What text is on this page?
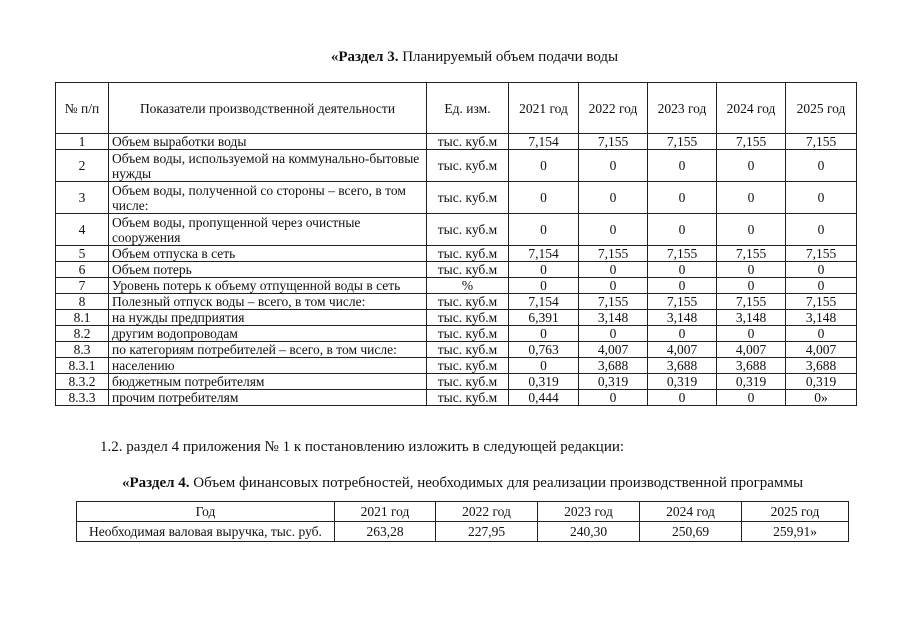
«Раздел 3. Планируемый объем подачи воды
№ п/п	Показатели производственной деятельности	Ед. изм.	2021 год	2022 год	2023 год	2024 год	2025 год
1	Объем выработки воды	тыс. куб.м	7,154	7,155	7,155	7,155	7,155
2	Объем воды, используемой на коммунально-бытовые нужды	тыс. куб.м	0	0	0	0	0
3	Объем воды, полученной со стороны – всего, в том числе:	тыс. куб.м	0	0	0	0	0
4	Объем воды, пропущенной через очистные сооружения	тыс. куб.м	0	0	0	0	0
5	Объем отпуска в сеть	тыс. куб.м	7,154	7,155	7,155	7,155	7,155
6	Объем потерь	тыс. куб.м	0	0	0	0	0
7	Уровень потерь к объему отпущенной воды в сеть	%	0	0	0	0	0
8	Полезный отпуск воды – всего, в том числе:	тыс. куб.м	7,154	7,155	7,155	7,155	7,155
8.1	на нужды предприятия	тыс. куб.м	6,391	3,148	3,148	3,148	3,148
8.2	другим водопроводам	тыс. куб.м	0	0	0	0	0
8.3	по категориям потребителей – всего, в том числе:	тыс. куб.м	0,763	4,007	4,007	4,007	4,007
8.3.1	населению	тыс. куб.м	0	3,688	3,688	3,688	3,688
8.3.2	бюджетным потребителям	тыс. куб.м	0,319	0,319	0,319	0,319	0,319
8.3.3	прочим потребителям	тыс. куб.м	0,444	0	0	0	0»
1.2. раздел 4 приложения № 1 к постановлению изложить в следующей редакции:
«Раздел 4. Объем финансовых потребностей, необходимых для реализации производственной программы
Год	2021 год	2022 год	2023 год	2024 год	2025 год
Необходимая валовая выручка, тыс. руб.	263,28	227,95	240,30	250,69	259,91»
